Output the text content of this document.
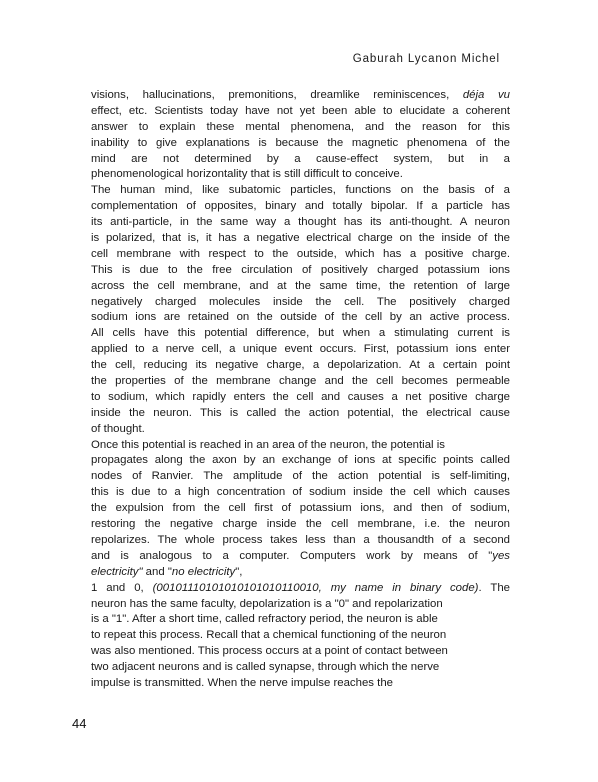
Gaburah Lycanon Michel
visions, hallucinations, premonitions, dreamlike reminiscences, déja vu
effect, etc. Scientists today have not yet been able to elucidate a coherent
answer to explain these mental phenomena, and the reason for this
inability to give explanations is because the magnetic phenomena of the
mind are not determined by a cause-effect system, but in a
phenomenological horizontality that is still difficult to conceive.
The human mind, like subatomic particles, functions on the basis of a
complementation of opposites, binary and totally bipolar. If a particle has
its anti-particle, in the same way a thought has its anti-thought. A neuron
is polarized, that is, it has a negative electrical charge on the inside of the
cell membrane with respect to the outside, which has a positive charge.
This is due to the free circulation of positively charged potassium ions
across the cell membrane, and at the same time, the retention of large
negatively charged molecules inside the cell. The positively charged
sodium ions are retained on the outside of the cell by an active process.
All cells have this potential difference, but when a stimulating current is
applied to a nerve cell, a unique event occurs. First, potassium ions enter
the cell, reducing its negative charge, a depolarization. At a certain point
the properties of the membrane change and the cell becomes permeable
to sodium, which rapidly enters the cell and causes a net positive charge
inside the neuron. This is called the action potential, the electrical cause
of thought.
Once this potential is reached in an area of the neuron, the potential is
propagates along the axon by an exchange of ions at specific points called
nodes of Ranvier. The amplitude of the action potential is self-limiting,
this is due to a high concentration of sodium inside the cell which causes
the expulsion from the cell first of potassium ions, and then of sodium,
restoring the negative charge inside the cell membrane, i.e. the neuron
repolarizes. The whole process takes less than a thousandth of a second
and is analogous to a computer. Computers work by means of "yes
electricity" and "no electricity",
1 and 0, (00101110101010101010110010, my name in binary code). The
neuron has the same faculty, depolarization is a "0" and repolarization
is a "1". After a short time, called refractory period, the neuron is able
to repeat this process. Recall that a chemical functioning of the neuron
was also mentioned. This process occurs at a point of contact between
two adjacent neurons and is called synapse, through which the nerve
impulse is transmitted. When the nerve impulse reaches the
44
